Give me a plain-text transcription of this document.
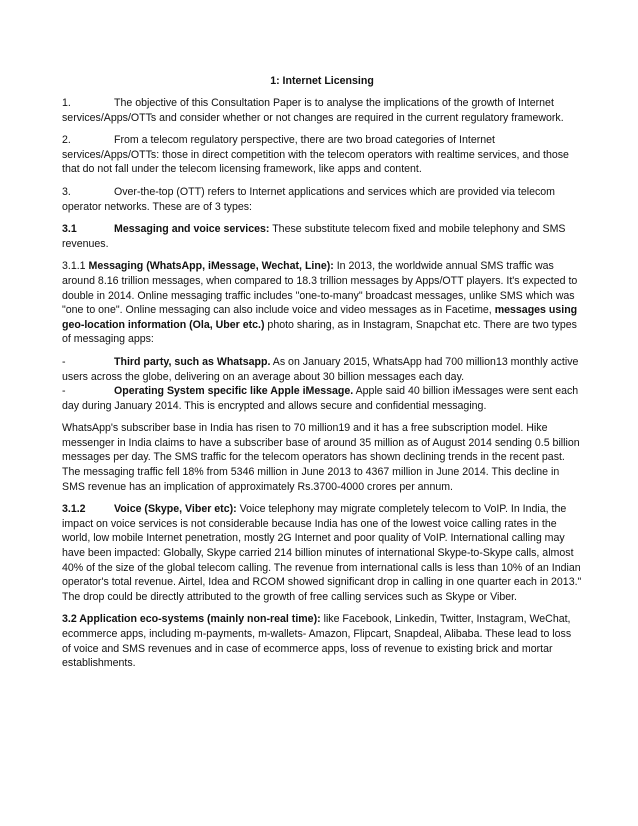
1: Internet Licensing

1.	The objective of this Consultation Paper is to analyse the implications of the growth of Internet services/Apps/OTTs and consider whether or not changes are required in the current regulatory framework.

2.	From a telecom regulatory perspective, there are two broad categories of Internet services/Apps/OTTs: those in direct competition with the telecom operators with realtime services, and those that do not fall under the telecom licensing framework, like apps and content.

3.	Over-the-top (OTT) refers to Internet applications and services which are provided via telecom operator networks. These are of 3 types:

3.1	Messaging and voice services: These substitute telecom fixed and mobile telephony and SMS revenues.

3.1.1 Messaging (WhatsApp, iMessage, Wechat, Line): In 2013, the worldwide annual SMS traffic was around 8.16 trillion messages, when compared to 18.3 trillion messages by Apps/OTT players. It's expected to double in 2014. Online messaging traffic includes "one-to-many" broadcast messages, unlike SMS which was "one to one". Online messaging can also include voice and video messages as in Facetime, messages using geo-location information (Ola, Uber etc.) photo sharing, as in Instagram, Snapchat etc. There are two types of messaging apps:

-	Third party, such as Whatsapp. As on January 2015, WhatsApp had 700 million13 monthly active users across the globe, delivering on an average about 30 billion messages each day.

-	Operating System specific like Apple iMessage. Apple said 40 billion iMessages were sent each day during January 2014. This is encrypted and allows secure and confidential messaging.

WhatsApp's subscriber base in India has risen to 70 million19 and it has a free subscription model. Hike messenger in India claims to have a subscriber base of around 35 million as of August 2014 sending 0.5 billion messages per day. The SMS traffic for the telecom operators has shown declining trends in the recent past. The messaging traffic fell 18% from 5346 million in June 2013 to 4367 million in June 2014. This decline in SMS revenue has an implication of approximately Rs.3700-4000 crores per annum.

3.1.2	Voice (Skype, Viber etc): Voice telephony may migrate completely telecom to VoIP. In India, the impact on voice services is not considerable because India has one of the lowest voice calling rates in the world, low mobile Internet penetration, mostly 2G Internet and poor quality of VoIP. International calling may have been impacted: Globally, Skype carried 214 billion minutes of international Skype-to-Skype calls, almost 40% of the size of the global telecom calling. The revenue from international calls is less than 10% of an Indian operator's total revenue. Airtel, Idea and RCOM showed significant drop in calling in one quarter each in 2013." The drop could be directly attributed to the growth of free calling services such as Skype or Viber.

3.2 Application eco-systems (mainly non-real time): like Facebook, Linkedin, Twitter, Instagram, WeChat, ecommerce apps, including m-payments, m-wallets- Amazon, Flipcart, Snapdeal, Alibaba. These lead to loss of voice and SMS revenues and in case of ecommerce apps, loss of revenue to existing brick and mortar establishments.
